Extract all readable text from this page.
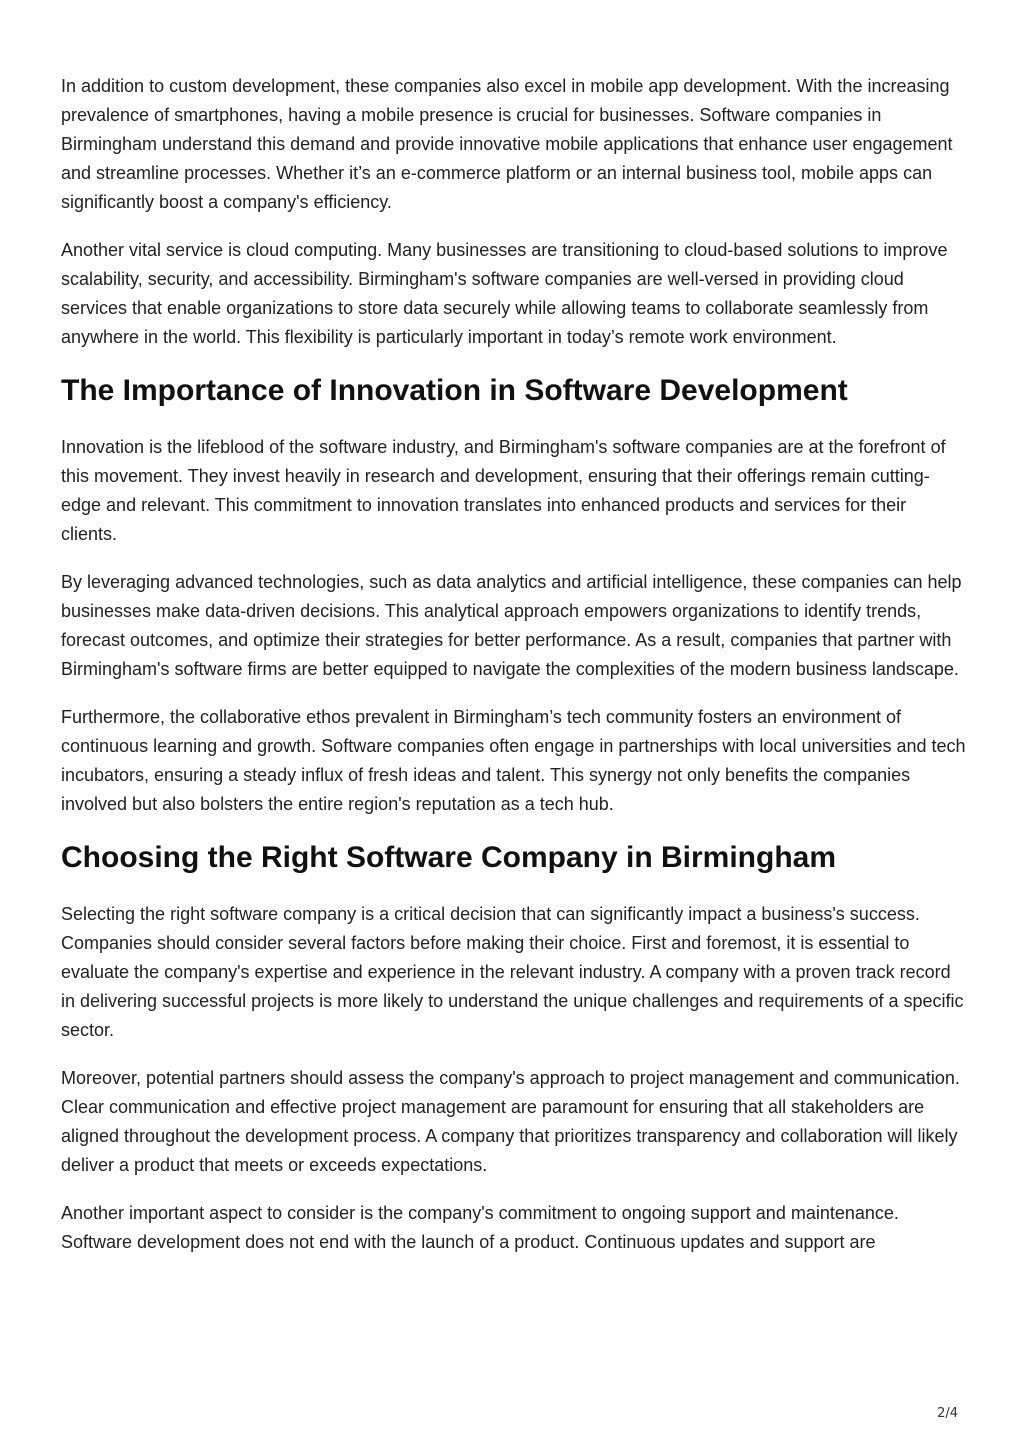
In addition to custom development, these companies also excel in mobile app development. With the increasing prevalence of smartphones, having a mobile presence is crucial for businesses. Software companies in Birmingham understand this demand and provide innovative mobile applications that enhance user engagement and streamline processes. Whether it’s an e-commerce platform or an internal business tool, mobile apps can significantly boost a company's efficiency.

Another vital service is cloud computing. Many businesses are transitioning to cloud-based solutions to improve scalability, security, and accessibility. Birmingham's software companies are well-versed in providing cloud services that enable organizations to store data securely while allowing teams to collaborate seamlessly from anywhere in the world. This flexibility is particularly important in today’s remote work environment.

The Importance of Innovation in Software Development

Innovation is the lifeblood of the software industry, and Birmingham's software companies are at the forefront of this movement. They invest heavily in research and development, ensuring that their offerings remain cutting-edge and relevant. This commitment to innovation translates into enhanced products and services for their clients.

By leveraging advanced technologies, such as data analytics and artificial intelligence, these companies can help businesses make data-driven decisions. This analytical approach empowers organizations to identify trends, forecast outcomes, and optimize their strategies for better performance. As a result, companies that partner with Birmingham's software firms are better equipped to navigate the complexities of the modern business landscape.

Furthermore, the collaborative ethos prevalent in Birmingham’s tech community fosters an environment of continuous learning and growth. Software companies often engage in partnerships with local universities and tech incubators, ensuring a steady influx of fresh ideas and talent. This synergy not only benefits the companies involved but also bolsters the entire region's reputation as a tech hub.

Choosing the Right Software Company in Birmingham

Selecting the right software company is a critical decision that can significantly impact a business's success. Companies should consider several factors before making their choice. First and foremost, it is essential to evaluate the company's expertise and experience in the relevant industry. A company with a proven track record in delivering successful projects is more likely to understand the unique challenges and requirements of a specific sector.

Moreover, potential partners should assess the company's approach to project management and communication. Clear communication and effective project management are paramount for ensuring that all stakeholders are aligned throughout the development process. A company that prioritizes transparency and collaboration will likely deliver a product that meets or exceeds expectations.

Another important aspect to consider is the company's commitment to ongoing support and maintenance. Software development does not end with the launch of a product. Continuous updates and support are

2/4
